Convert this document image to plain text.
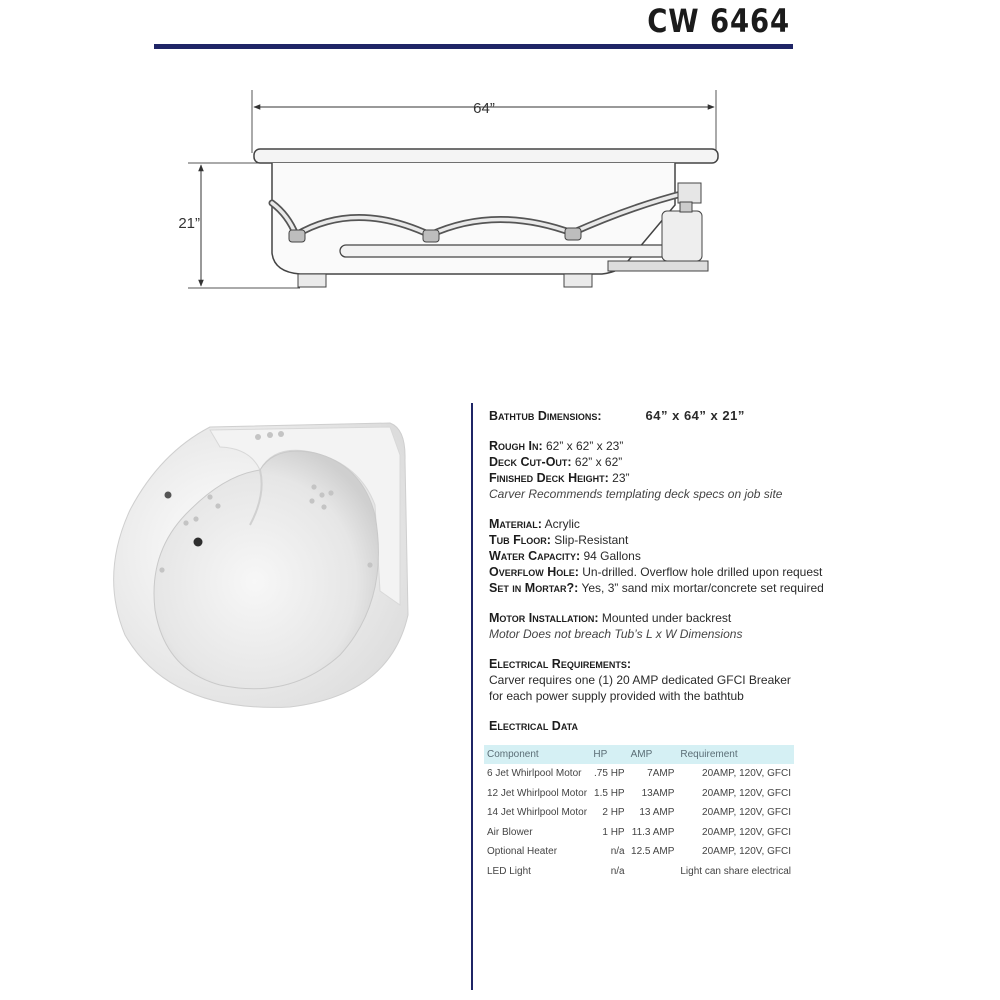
CW 6464
64”
21”
Bathtub Dimensions:	64” x 64” x 21”
Rough In: 62” x 62” x 23”
Deck Cut-Out: 62” x 62”
Finished Deck Height: 23”
Carver Recommends templating deck specs on job site
Material: Acrylic
Tub Floor: Slip-Resistant
Water Capacity: 94 Gallons
Overflow Hole: Un-drilled. Overflow hole drilled upon request
Set in Mortar?: Yes, 3” sand mix mortar/concrete set required
Motor Installation: Mounted under backrest
Motor Does not breach Tub’s L x W Dimensions
Electrical Requirements:
Carver requires one (1) 20 AMP dedicated GFCI Breaker for each power supply provided with the bathtub
Electrical Data
Component	HP	AMP	Requirement
6 Jet Whirlpool Motor	.75 HP	7AMP	20AMP, 120V, GFCI
12 Jet Whirlpool Motor	1.5 HP	13AMP	20AMP, 120V, GFCI
14 Jet Whirlpool Motor	2 HP	13 AMP	20AMP, 120V, GFCI
Air Blower	1 HP	11.3 AMP	20AMP, 120V, GFCI
Optional Heater	n/a	12.5 AMP	20AMP, 120V, GFCI
LED Light	n/a		Light can share electrical
